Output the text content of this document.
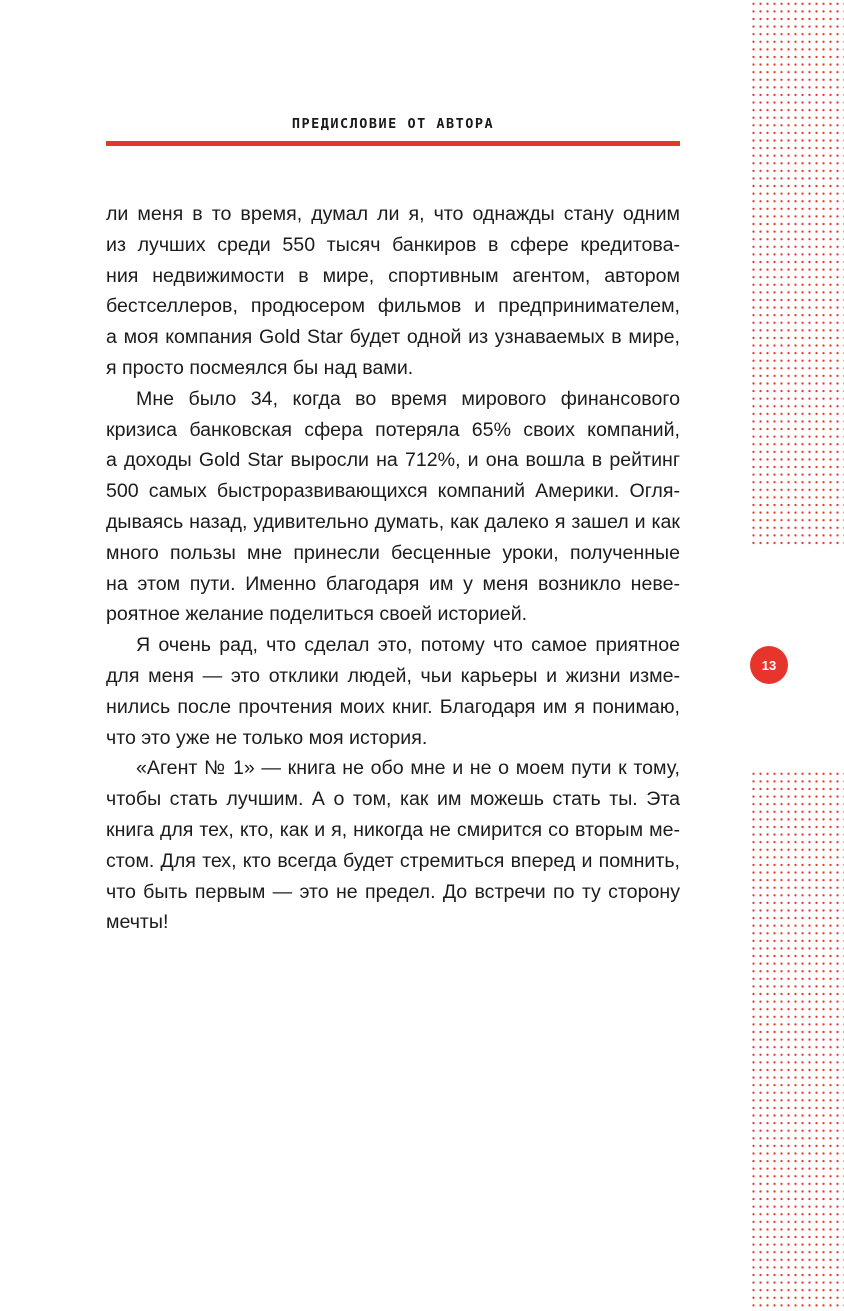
ПРЕДИСЛОВИЕ ОТ АВТОРА
ли меня в то время, думал ли я, что однажды стану одним
из лучших среди 550 тысяч банкиров в сфере кредитова-
ния недвижимости в мире, спортивным агентом, автором
бестселлеров, продюсером фильмов и предпринимателем,
а моя компания Gold Star будет одной из узнаваемых в мире,
я просто посмеялся бы над вами.
Мне было 34, когда во время мирового финансового
кризиса банковская сфера потеряла 65% своих компаний,
а доходы Gold Star выросли на 712%, и она вошла в рейтинг
500 самых быстроразвивающихся компаний Америки. Огля-
дываясь назад, удивительно думать, как далеко я зашел и как
много пользы мне принесли бесценные уроки, полученные
на этом пути. Именно благодаря им у меня возникло неве-
роятное желание поделиться своей историей.
Я очень рад, что сделал это, потому что самое приятное
для меня — это отклики людей, чьи карьеры и жизни изме-
нились после прочтения моих книг. Благодаря им я понимаю,
что это уже не только моя история.
«Агент № 1» — книга не обо мне и не о моем пути к тому,
чтобы стать лучшим. А о том, как им можешь стать ты. Эта
книга для тех, кто, как и я, никогда не смирится со вторым ме-
стом. Для тех, кто всегда будет стремиться вперед и помнить,
что быть первым — это не предел. До встречи по ту сторону
мечты!
13
